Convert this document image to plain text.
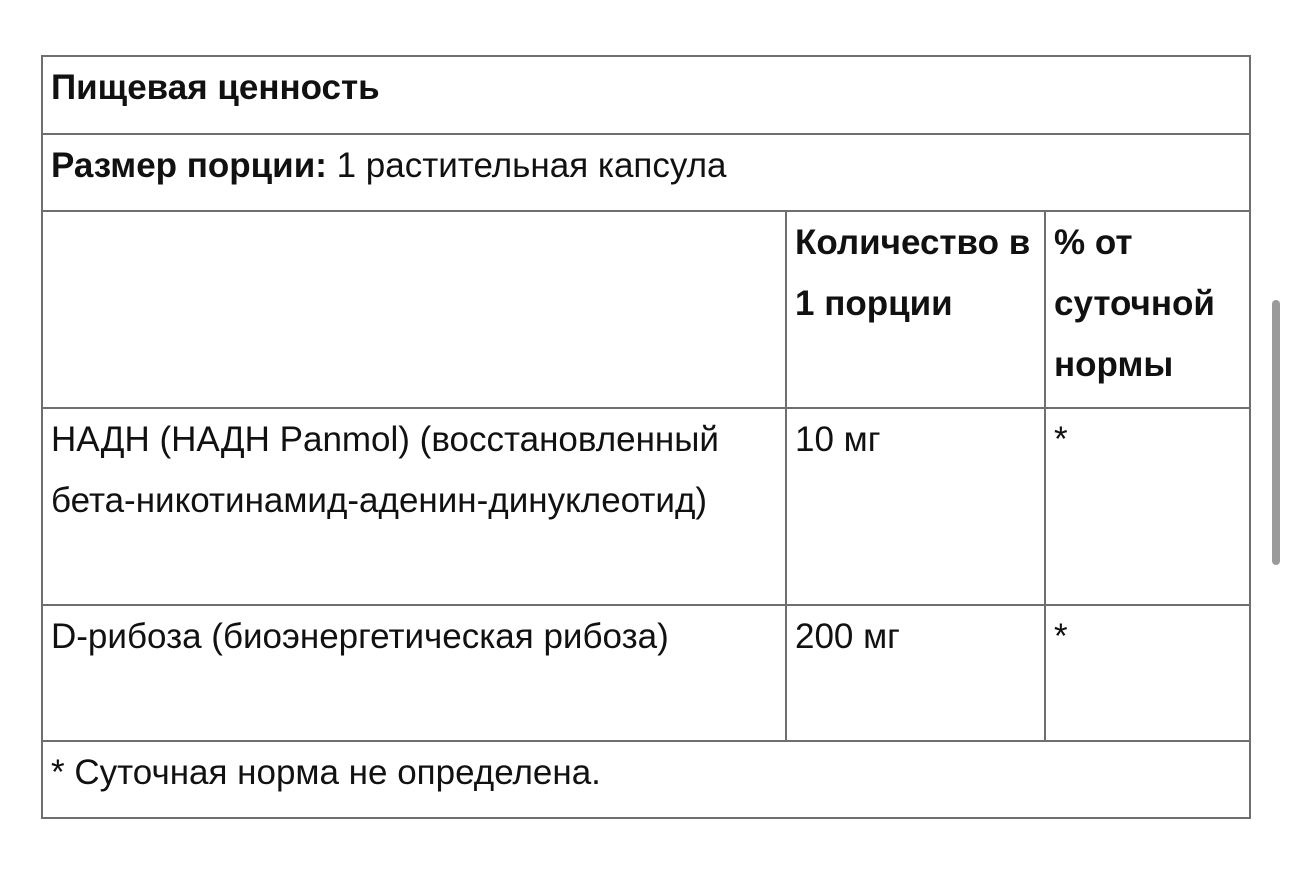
Пищевая ценность		
Размер порции: 1 растительная капсула		
	Количество в 1 порции	% от суточной нормы
НАДН (НАДН Panmol) (восстановленный бета-никотинамид-аденин-динуклеотид)	10 мг	*
D-рибоза (биоэнергетическая рибоза)	200 мг	*
* Суточная норма не определена.		
